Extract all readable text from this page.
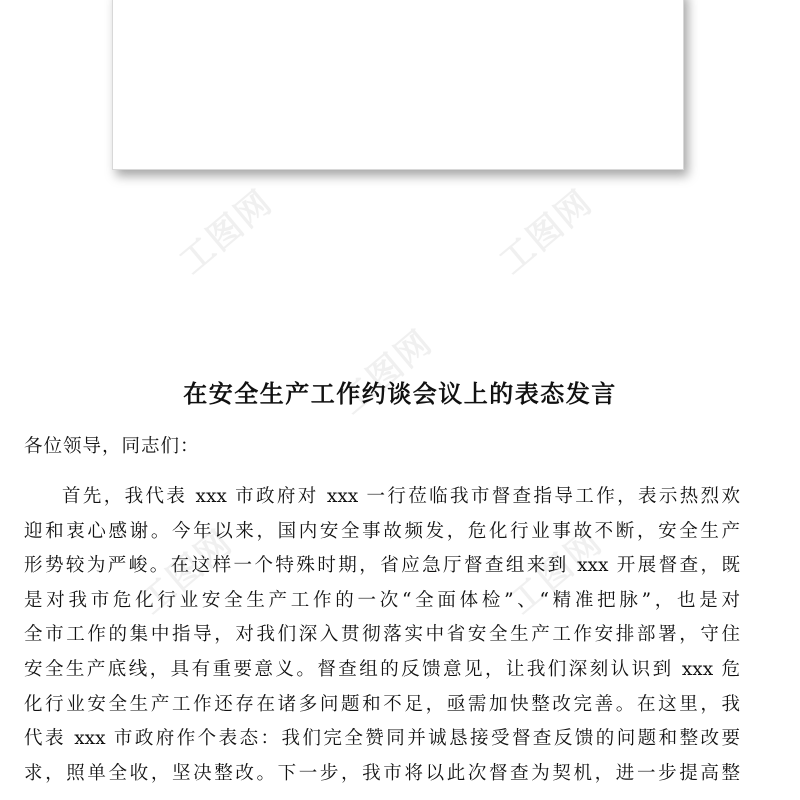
工图网	工图网
工图网
工图网	工图网
在安全生产工作约谈会议上的表态发言
各位领导，同志们：
首先，我代表 xxx 市政府对 xxx 一行莅临我市督查指导工作，表示热烈欢
迎和衷心感谢。今年以来，国内安全事故频发，危化行业事故不断，安全生产
形势较为严峻。在这样一个特殊时期，省应急厅督查组来到 xxx 开展督查，既
是对我市危化行业安全生产工作的一次“全面体检”、“精准把脉”，也是对
全市工作的集中指导，对我们深入贯彻落实中省安全生产工作安排部署，守住
安全生产底线，具有重要意义。督查组的反馈意见，让我们深刻认识到 xxx 危
化行业安全生产工作还存在诸多问题和不足，亟需加快整改完善。在这里，我
代表 xxx 市政府作个表态：我们完全赞同并诚恳接受督查反馈的问题和整改要
求，照单全收，坚决整改。下一步，我市将以此次督查为契机，进一步提高整
